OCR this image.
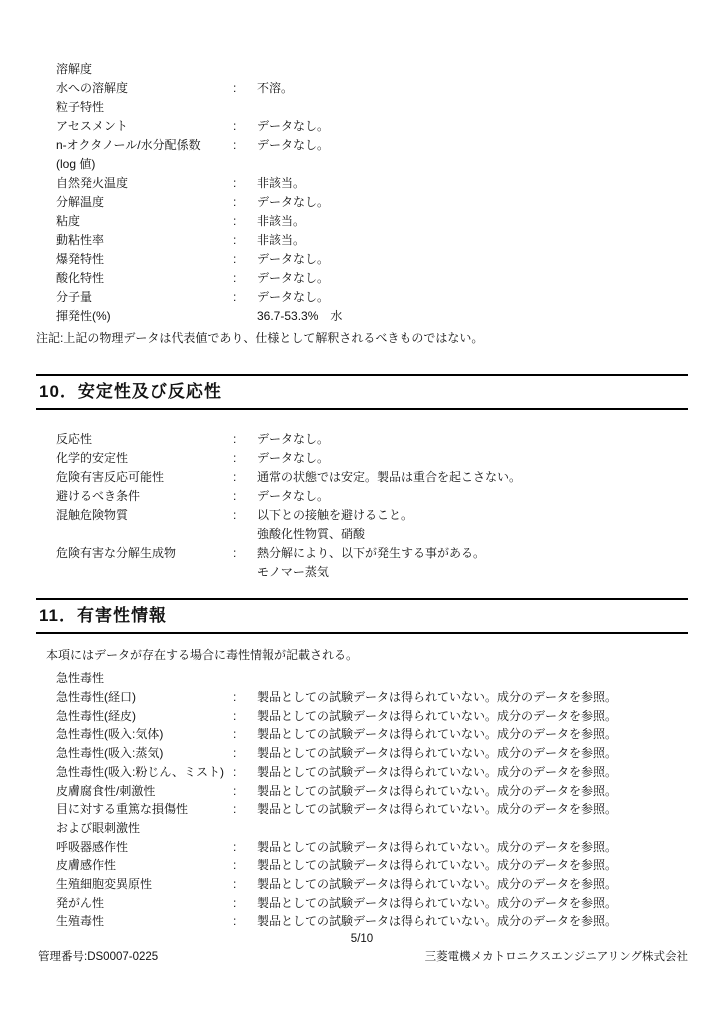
溶解度
水への溶解度	:	不溶。
粒子特性
アセスメント	:	データなし。
n-オクタノール/水分配係数	:	データなし。
(log 値)
自然発火温度	:	非該当。
分解温度	:	データなし。
粘度	:	非該当。
動粘性率	:	非該当。
爆発特性	:	データなし。
酸化特性	:	データなし。
分子量	:	データなし。
揮発性(%)	36.7-53.3%　水
注記:上記の物理データは代表値であり、仕様として解釈されるべきものではない。
10．安定性及び反応性
反応性	:	データなし。
化学的安定性	:	データなし。
危険有害反応可能性	:	通常の状態では安定。製品は重合を起こさない。
避けるべき条件	:	データなし。
混触危険物質	:	以下との接触を避けること。
強酸化性物質、硝酸
危険有害な分解生成物	:	熱分解により、以下が発生する事がある。
モノマー蒸気
11．有害性情報
本項にはデータが存在する場合に毒性情報が記載される。
急性毒性
急性毒性(経口)	:	製品としての試験データは得られていない。成分のデータを参照。
急性毒性(経皮)	:	製品としての試験データは得られていない。成分のデータを参照。
急性毒性(吸入:気体)	:	製品としての試験データは得られていない。成分のデータを参照。
急性毒性(吸入:蒸気)	:	製品としての試験データは得られていない。成分のデータを参照。
急性毒性(吸入:粉じん、ミスト) :	製品としての試験データは得られていない。成分のデータを参照。
皮膚腐食性/刺激性	:	製品としての試験データは得られていない。成分のデータを参照。
目に対する重篤な損傷性	:	製品としての試験データは得られていない。成分のデータを参照。
および眼刺激性
呼吸器感作性	:	製品としての試験データは得られていない。成分のデータを参照。
皮膚感作性	:	製品としての試験データは得られていない。成分のデータを参照。
生殖細胞変異原性	:	製品としての試験データは得られていない。成分のデータを参照。
発がん性	:	製品としての試験データは得られていない。成分のデータを参照。
生殖毒性	:	製品としての試験データは得られていない。成分のデータを参照。
5/10
管理番号:DS0007-0225	三菱電機メカトロニクスエンジニアリング株式会社
